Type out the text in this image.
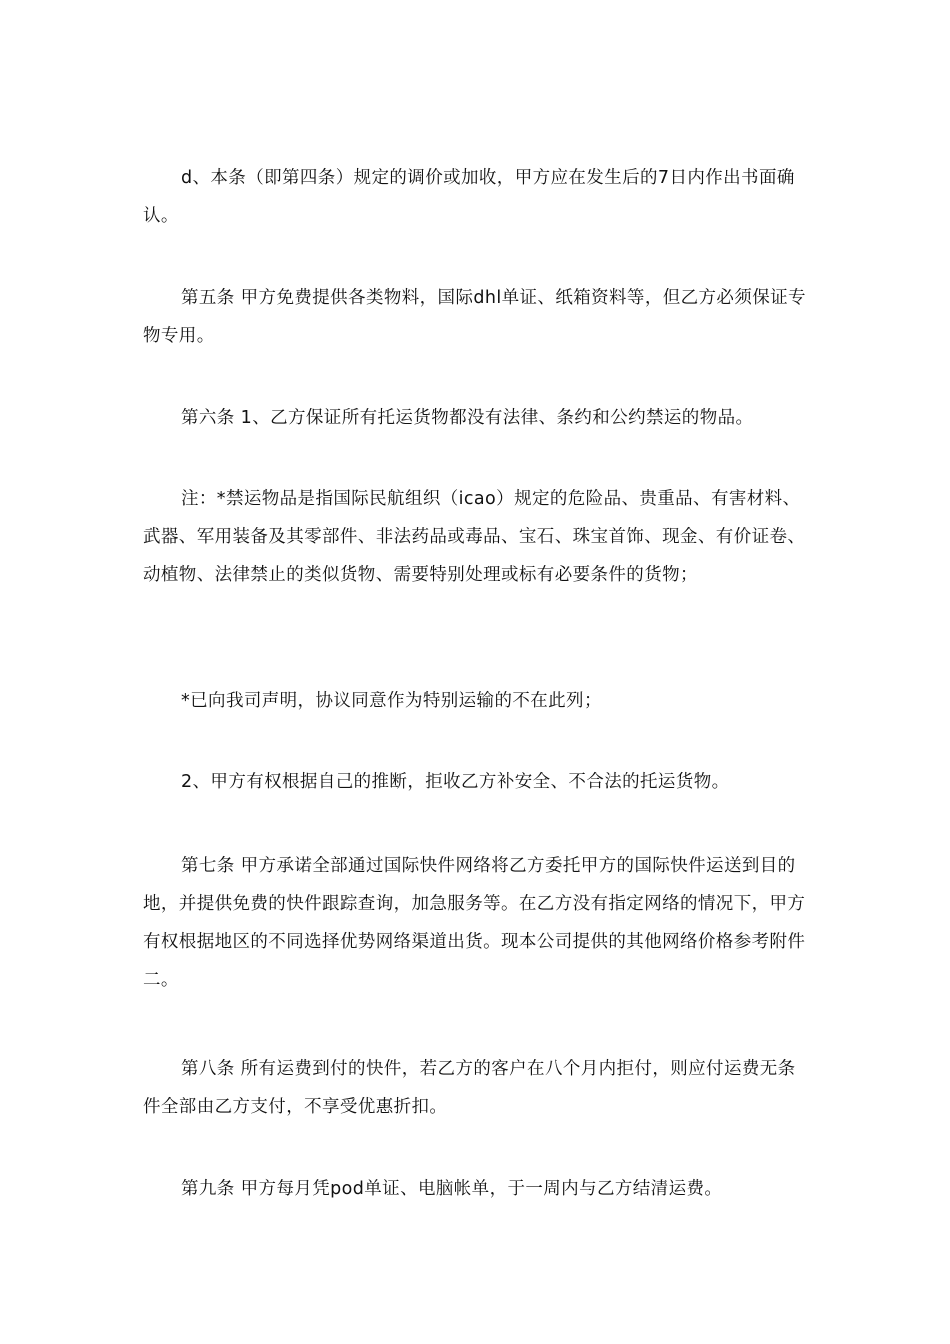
d、本条（即第四条）规定的调价或加收，甲方应在发生后的7日内作出书面确认。

第五条 甲方免费提供各类物料，国际dhl单证、纸箱资料等，但乙方必须保证专物专用。

第六条 1、乙方保证所有托运货物都没有法律、条约和公约禁运的物品。

注：*禁运物品是指国际民航组织（icao）规定的危险品、贵重品、有害材料、武器、军用装备及其零部件、非法药品或毒品、宝石、珠宝首饰、现金、有价证卷、动植物、法律禁止的类似货物、需要特别处理或标有必要条件的货物；

*已向我司声明，协议同意作为特别运输的不在此列；

2、甲方有权根据自己的推断，拒收乙方补安全、不合法的托运货物。

第七条 甲方承诺全部通过国际快件网络将乙方委托甲方的国际快件运送到目的地，并提供免费的快件跟踪查询，加急服务等。在乙方没有指定网络的情况下，甲方有权根据地区的不同选择优势网络渠道出货。现本公司提供的其他网络价格参考附件二。

第八条 所有运费到付的快件，若乙方的客户在八个月内拒付，则应付运费无条件全部由乙方支付，不享受优惠折扣。

第九条 甲方每月凭pod单证、电脑帐单，于一周内与乙方结清运费。
